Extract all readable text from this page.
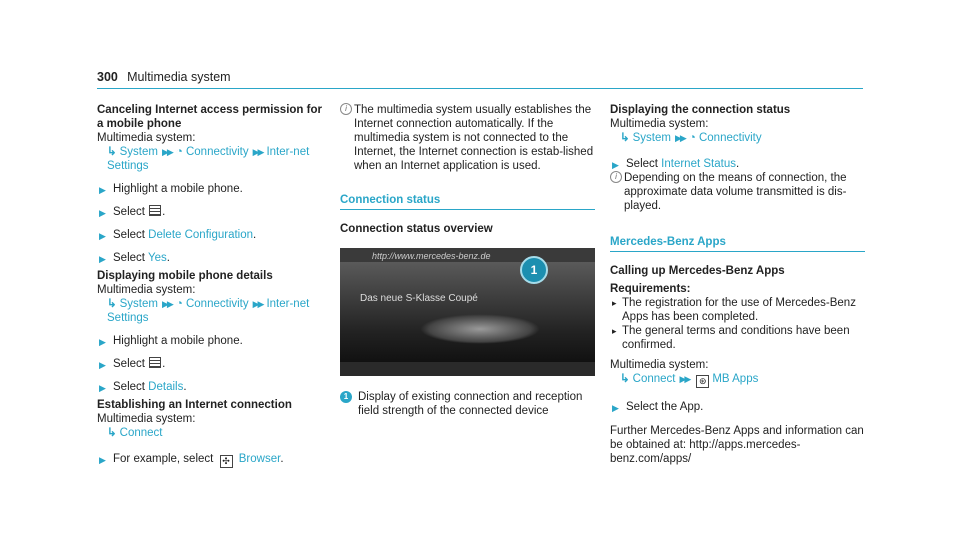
300 Multimedia system
Canceling Internet access permission for a mobile phone
Multimedia system:
↳ System ▶▶ ◔ Connectivity ▶▶ Inter-net Settings
▶ Highlight a mobile phone.
▶ Select .
▶ Select Delete Configuration.
▶ Select Yes.
Displaying mobile phone details
Multimedia system:
↳ System ▶▶ ◔ Connectivity ▶▶ Inter-net Settings
▶ Highlight a mobile phone.
▶ Select .
▶ Select Details.
Establishing an Internet connection
Multimedia system:
↳ Connect
▶ For example, select ✣ Browser.
i The multimedia system usually establishes the Internet connection automatically. If the multimedia system is not connected to the Internet, the Internet connection is estab-lished when an Internet application is used.
Connection status
Connection status overview
http://www.mercedes-benz.de
Das neue S-Klasse Coupé
1
1 Display of existing connection and reception field strength of the connected device
Displaying the connection status
Multimedia system:
↳ System ▶▶ ◔ Connectivity
▶ Select Internet Status.
i Depending on the means of connection, the approximate data volume transmitted is dis-played.
Mercedes-Benz Apps
Calling up Mercedes-Benz Apps
Requirements:
▸ The registration for the use of Mercedes-Benz Apps has been completed.
▸ The general terms and conditions have been confirmed.
Multimedia system:
↳ Connect ▶▶ ⊛ MB Apps
▶ Select the App.
Further Mercedes-Benz Apps and information can be obtained at: http://apps.mercedes-benz.com/apps/
